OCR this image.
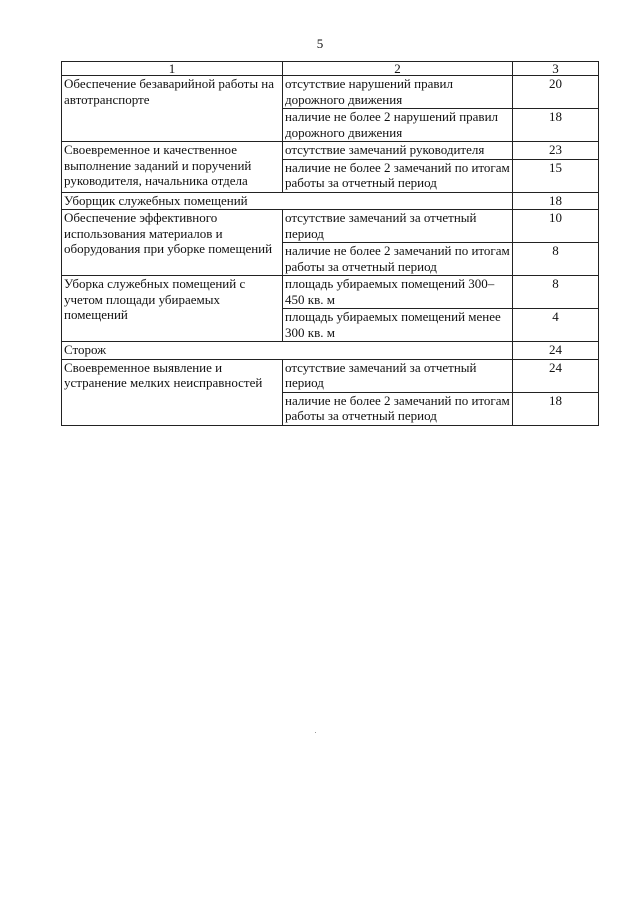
5
1	2	3
Обеспечение безаварийной работы на автотранспорте	отсутствие нарушений правил дорожного движения	20
	наличие не более 2 нарушений правил дорожного движения	18
Своевременное и качественное выполнение заданий и поручений руководителя, начальника отдела	отсутствие замечаний руководителя	23
	наличие не более 2 замечаний по итогам работы за отчетный период	15
Уборщик служебных помещений		18
Обеспечение эффективного использования материалов и оборудования при уборке помещений	отсутствие замечаний за отчетный период	10
	наличие не более 2 замечаний по итогам работы за отчетный период	8
Уборка служебных помещений с учетом площади убираемых помещений	площадь убираемых помещений 300–450 кв. м	8
	площадь убираемых помещений менее 300 кв. м	4
Сторож		24
Своевременное выявление и устранение мелких неисправностей	отсутствие замечаний за отчетный период	24
	наличие не более 2 замечаний по итогам работы за отчетный период	18
